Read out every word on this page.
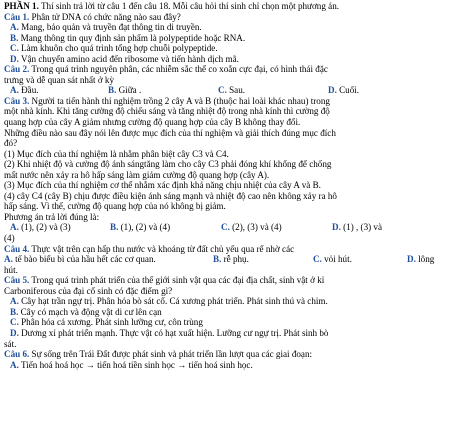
PHẦN 1. Thí sinh trả lời từ câu 1 đến câu 18. Mỗi câu hỏi thí sinh chỉ chọn một phương án.
Câu 1. Phân tử DNA có chức năng nào sau đây?
A. Mang, bảo quản và truyền đạt thông tin di truyền.
B. Mang thông tin quy định sản phẩm là polypeptide hoặc RNA.
C. Làm khuôn cho quá trình tổng hợp chuỗi polypeptide.
D. Vận chuyển amino acid đến ribosome và tiến hành dịch mã.
Câu 2. Trong quá trình nguyên phân, các nhiễm sắc thể co xoắn cực đại, có hình thái đặc
trưng và dễ quan sát nhất ở kỳ
A. Đầu.	B. Giữa .	C. Sau.	D. Cuối.
Câu 3. Người ta tiến hành thí nghiệm trồng 2 cây A và B (thuộc hai loài khác nhau) trong
một nhà kính. Khi tăng cường độ chiếu sáng và tăng nhiệt độ trong nhà kính thì cường độ
quang hợp của cây A giảm nhưng cường độ quang hợp của cây B không thay đổi.
Những điều nào sau đây nói lên được mục đích của thí nghiệm và giải thích đúng mục đích
đó?
(1) Mục đích của thí nghiệm là nhằm phân biệt cây C3 và C4.
(2) Khi nhiệt độ và cường độ ánh sángtăng làm cho cây C3 phải đóng khí khổng để chống
mất nước nên xảy ra hô hấp sáng làm giảm cường độ quang hợp (cây A).
(3) Mục đích của thí nghiệm cơ thể nhằm xác định khả năng chịu nhiệt của cây A và B.
(4) cây C4 (cây B) chịu được điều kiện ánh sáng mạnh và nhiệt độ cao nên không xảy ra hô
hấp sáng. Vì thế, cường độ quang hợp của nó không bị giảm.
Phương án trả lời đúng là:
A. (1), (2) và (3)	B. (1), (2) và (4)	C. (2), (3) và (4)	D. (1) , (3) và
(4)
Câu 4. Thực vật trên cạn hấp thu nước và khoáng từ đất chủ yếu qua rể nhờ các
A. tế bào biểu bì của hầu hết các cơ quan.	B. rễ phụ.	C. vỏi hút.	D. lông
hút.
Câu 5. Trong quá trình phát triển của thế giới sinh vật qua các đại địa chất, sinh vật ở kỉ
Carboniferous của đại cổ sinh có đặc điểm gì?
A. Cây hạt trần ngự trị. Phân hóa bò sát cổ. Cá xương phát triển. Phát sinh thú và chim.
B. Cây có mạch và động vật di cư lên cạn
C. Phân hóa cá xương. Phát sinh lưỡng cư, côn trùng
D. Dương xỉ phát triển mạnh. Thực vật có hạt xuất hiện. Lưỡng cư ngự trị. Phát sinh bò
sát.
Câu 6. Sự sống trên Trái Đất được phát sinh và phát triển lần lượt qua các giai đoạn:
A. Tiến hoá hoá học → tiến hoá tiền sinh học → tiến hoá sinh học.
